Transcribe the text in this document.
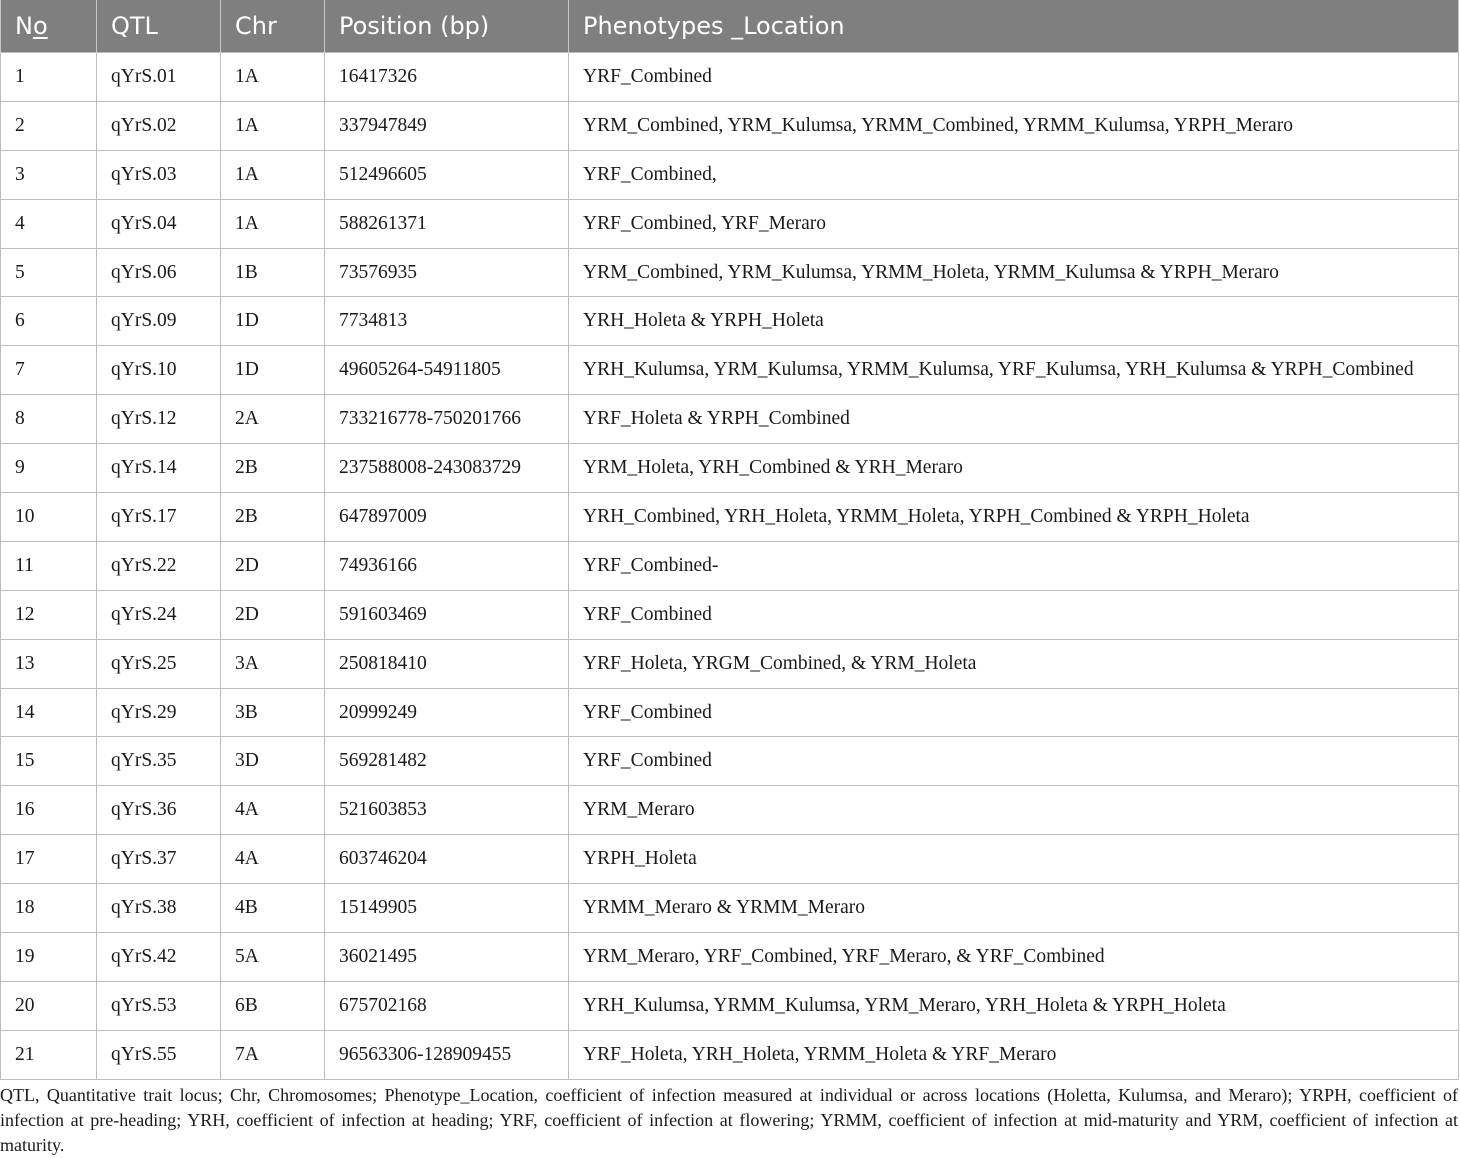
No	QTL	Chr	Position (bp)	Phenotypes _Location
1	qYrS.01	1A	16417326	YRF_Combined
2	qYrS.02	1A	337947849	YRM_Combined, YRM_Kulumsa, YRMM_Combined, YRMM_Kulumsa, YRPH_Meraro
3	qYrS.03	1A	512496605	YRF_Combined,
4	qYrS.04	1A	588261371	YRF_Combined, YRF_Meraro
5	qYrS.06	1B	73576935	YRM_Combined, YRM_Kulumsa, YRMM_Holeta, YRMM_Kulumsa & YRPH_Meraro
6	qYrS.09	1D	7734813	YRH_Holeta & YRPH_Holeta
7	qYrS.10	1D	49605264-54911805	YRH_Kulumsa, YRM_Kulumsa, YRMM_Kulumsa, YRF_Kulumsa, YRH_Kulumsa & YRPH_Combined
8	qYrS.12	2A	733216778-750201766	YRF_Holeta & YRPH_Combined
9	qYrS.14	2B	237588008-243083729	YRM_Holeta, YRH_Combined & YRH_Meraro
10	qYrS.17	2B	647897009	YRH_Combined, YRH_Holeta, YRMM_Holeta, YRPH_Combined & YRPH_Holeta
11	qYrS.22	2D	74936166	YRF_Combined-
12	qYrS.24	2D	591603469	YRF_Combined
13	qYrS.25	3A	250818410	YRF_Holeta, YRGM_Combined, & YRM_Holeta
14	qYrS.29	3B	20999249	YRF_Combined
15	qYrS.35	3D	569281482	YRF_Combined
16	qYrS.36	4A	521603853	YRM_Meraro
17	qYrS.37	4A	603746204	YRPH_Holeta
18	qYrS.38	4B	15149905	YRMM_Meraro & YRMM_Meraro
19	qYrS.42	5A	36021495	YRM_Meraro, YRF_Combined, YRF_Meraro, & YRF_Combined
20	qYrS.53	6B	675702168	YRH_Kulumsa, YRMM_Kulumsa, YRM_Meraro, YRH_Holeta & YRPH_Holeta
21	qYrS.55	7A	96563306-128909455	YRF_Holeta, YRH_Holeta, YRMM_Holeta & YRF_Meraro

QTL, Quantitative trait locus; Chr, Chromosomes; Phenotype_Location, coefficient of infection measured at individual or across locations (Holetta, Kulumsa, and Meraro); YRPH, coefficient of infection at pre-heading; YRH, coefficient of infection at heading; YRF, coefficient of infection at flowering; YRMM, coefficient of infection at mid-maturity and YRM, coefficient of infection at maturity.
